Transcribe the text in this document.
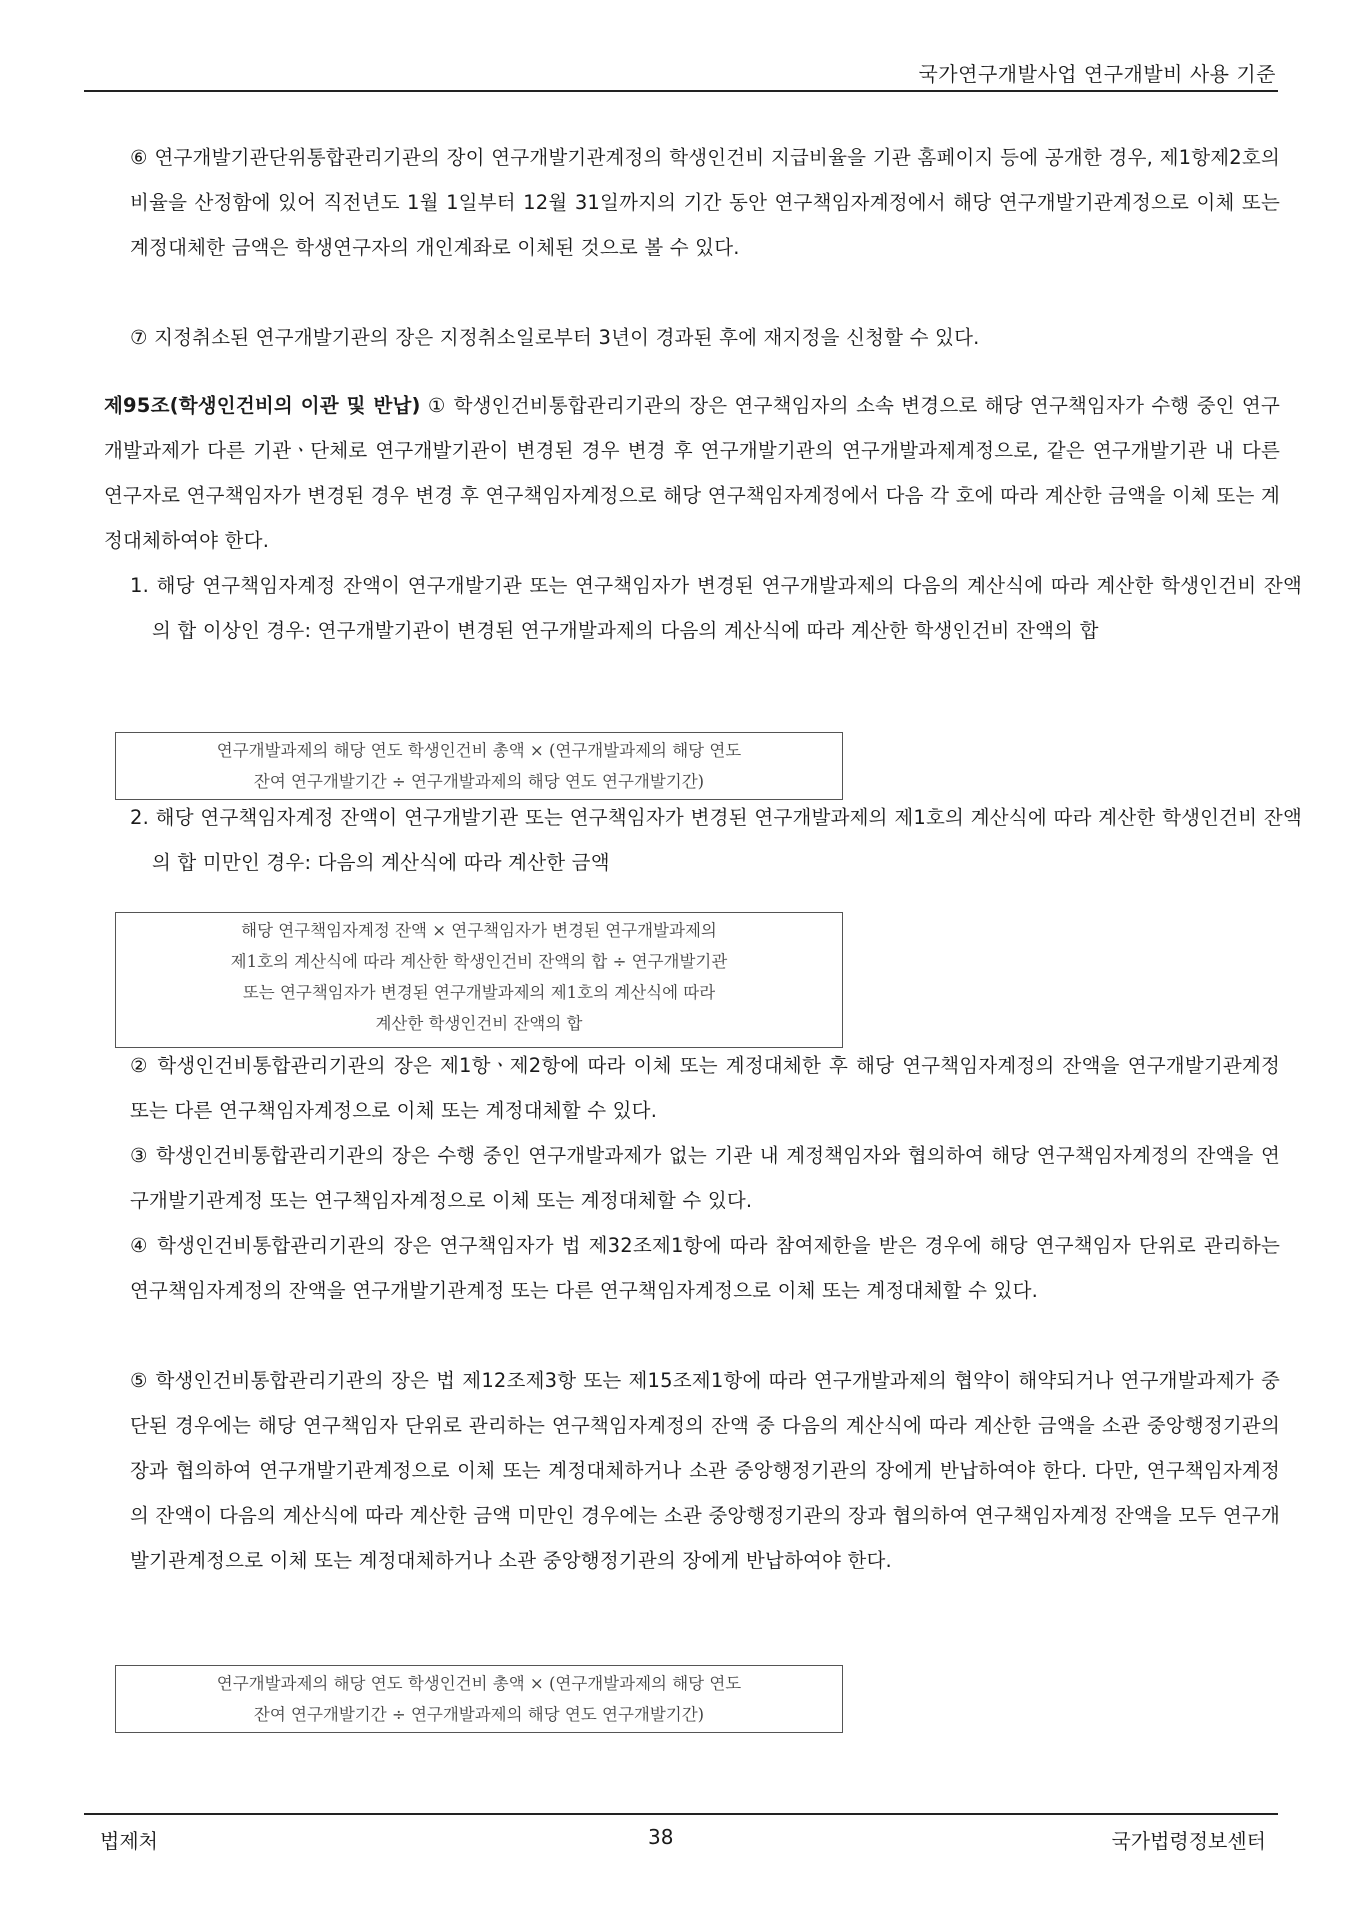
국가연구개발사업 연구개발비 사용 기준

⑥ 연구개발기관단위통합관리기관의 장이 연구개발기관계정의 학생인건비 지급비율을 기관 홈페이지 등에 공개한 경우, 제1항제2호의 비율을 산정함에 있어 직전년도 1월 1일부터 12월 31일까지의 기간 동안 연구책임자계정에서 해당 연구개발기관계정으로 이체 또는 계정대체한 금액은 학생연구자의 개인계좌로 이체된 것으로 볼 수 있다.

⑦ 지정취소된 연구개발기관의 장은 지정취소일로부터 3년이 경과된 후에 재지정을 신청할 수 있다.

제95조(학생인건비의 이관 및 반납) ① 학생인건비통합관리기관의 장은 연구책임자의 소속 변경으로 해당 연구책임자가 수행 중인 연구개발과제가 다른 기관ㆍ단체로 연구개발기관이 변경된 경우 변경 후 연구개발기관의 연구개발과제계정으로, 같은 연구개발기관 내 다른 연구자로 연구책임자가 변경된 경우 변경 후 연구책임자계정으로 해당 연구책임자계정에서 다음 각 호에 따라 계산한 금액을 이체 또는 계정대체하여야 한다.

1. 해당 연구책임자계정 잔액이 연구개발기관 또는 연구책임자가 변경된 연구개발과제의 다음의 계산식에 따라 계산한 학생인건비 잔액의 합 이상인 경우: 연구개발기관이 변경된 연구개발과제의 다음의 계산식에 따라 계산한 학생인건비 잔액의 합

연구개발과제의 해당 연도 학생인건비 총액 × (연구개발과제의 해당 연도
잔여 연구개발기간 ÷ 연구개발과제의 해당 연도 연구개발기간)

2. 해당 연구책임자계정 잔액이 연구개발기관 또는 연구책임자가 변경된 연구개발과제의 제1호의 계산식에 따라 계산한 학생인건비 잔액의 합 미만인 경우: 다음의 계산식에 따라 계산한 금액

해당 연구책임자계정 잔액 × 연구책임자가 변경된 연구개발과제의
제1호의 계산식에 따라 계산한 학생인건비 잔액의 합 ÷ 연구개발기관
또는 연구책임자가 변경된 연구개발과제의 제1호의 계산식에 따라
계산한 학생인건비 잔액의 합

② 학생인건비통합관리기관의 장은 제1항ㆍ제2항에 따라 이체 또는 계정대체한 후 해당 연구책임자계정의 잔액을 연구개발기관계정 또는 다른 연구책임자계정으로 이체 또는 계정대체할 수 있다.

③ 학생인건비통합관리기관의 장은 수행 중인 연구개발과제가 없는 기관 내 계정책임자와 협의하여 해당 연구책임자계정의 잔액을 연구개발기관계정 또는 연구책임자계정으로 이체 또는 계정대체할 수 있다.

④ 학생인건비통합관리기관의 장은 연구책임자가 법 제32조제1항에 따라 참여제한을 받은 경우에 해당 연구책임자 단위로 관리하는 연구책임자계정의 잔액을 연구개발기관계정 또는 다른 연구책임자계정으로 이체 또는 계정대체할 수 있다.

⑤ 학생인건비통합관리기관의 장은 법 제12조제3항 또는 제15조제1항에 따라 연구개발과제의 협약이 해약되거나 연구개발과제가 중단된 경우에는 해당 연구책임자 단위로 관리하는 연구책임자계정의 잔액 중 다음의 계산식에 따라 계산한 금액을 소관 중앙행정기관의 장과 협의하여 연구개발기관계정으로 이체 또는 계정대체하거나 소관 중앙행정기관의 장에게 반납하여야 한다. 다만, 연구책임자계정의 잔액이 다음의 계산식에 따라 계산한 금액 미만인 경우에는 소관 중앙행정기관의 장과 협의하여 연구책임자계정 잔액을 모두 연구개발기관계정으로 이체 또는 계정대체하거나 소관 중앙행정기관의 장에게 반납하여야 한다.

연구개발과제의 해당 연도 학생인건비 총액 × (연구개발과제의 해당 연도
잔여 연구개발기간 ÷ 연구개발과제의 해당 연도 연구개발기간)
법제처	38	국가법령정보센터
